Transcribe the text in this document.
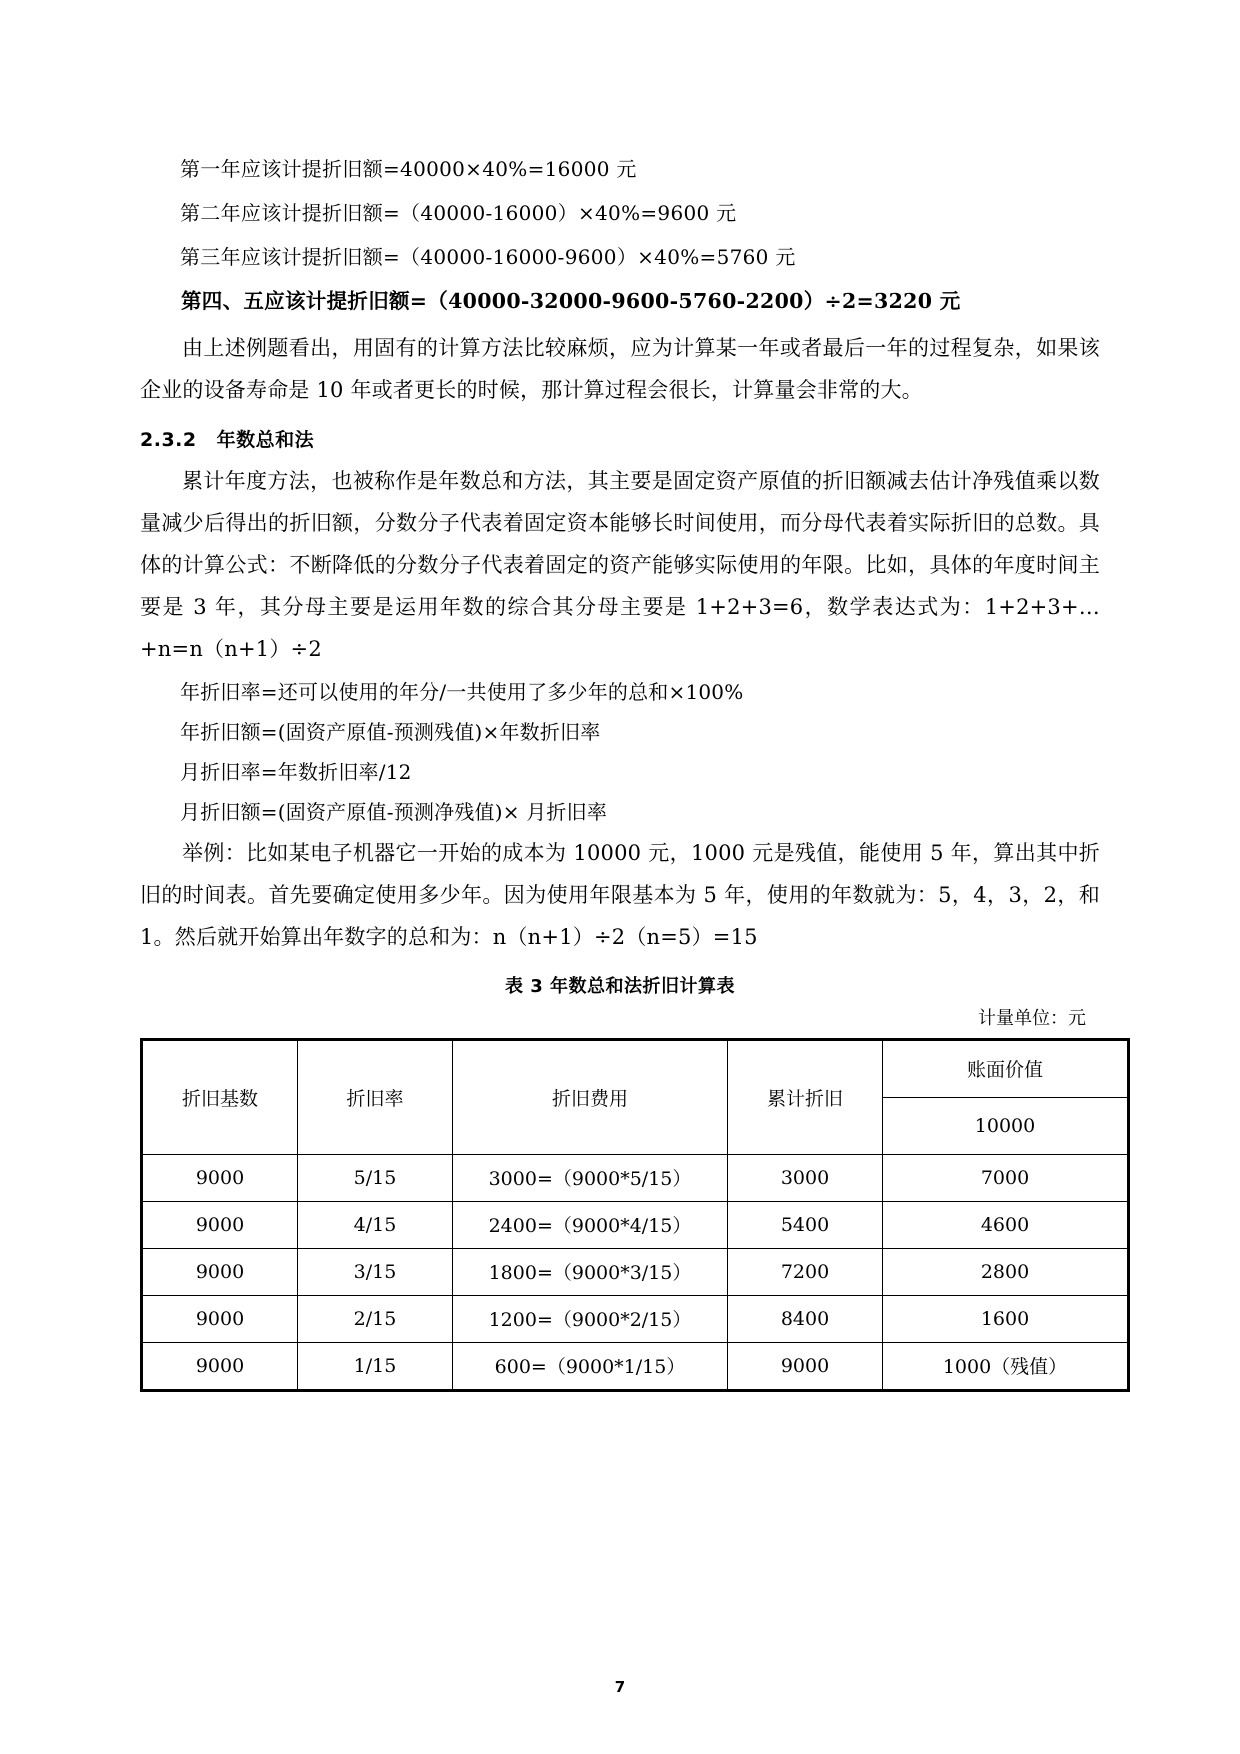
第一年应该计提折旧额=40000×40%=16000 元

第二年应该计提折旧额=（40000-16000）×40%=9600 元

第三年应该计提折旧额=（40000-16000-9600）×40%=5760 元

第四、五应该计提折旧额=（40000-32000-9600-5760-2200）÷2=3220 元

由上述例题看出，用固有的计算方法比较麻烦，应为计算某一年或者最后一年的过程复杂，如果该企业的设备寿命是 10 年或者更长的时候，那计算过程会很长，计算量会非常的大。

2.3.2 年数总和法

累计年度方法，也被称作是年数总和方法，其主要是固定资产原值的折旧额减去估计净残值乘以数量减少后得出的折旧额，分数分子代表着固定资本能够长时间使用，而分母代表着实际折旧的总数。具体的计算公式：不断降低的分数分子代表着固定的资产能够实际使用的年限。比如，具体的年度时间主要是 3 年，其分母主要是运用年数的综合其分母主要是 1+2+3=6，数学表达式为：1+2+3+…+n=n（n+1）÷2

年折旧率=还可以使用的年分/一共使用了多少年的总和×100%

年折旧额=(固资产原值-预测残值)×年数折旧率

月折旧率=年数折旧率/12

月折旧额=(固资产原值-预测净残值)× 月折旧率

举例：比如某电子机器它一开始的成本为 10000 元，1000 元是残值，能使用 5 年，算出其中折旧的时间表。首先要确定使用多少年。因为使用年限基本为 5 年，使用的年数就为：5，4，3，2，和 1。然后就开始算出年数字的总和为：n（n+1）÷2（n=5）=15

表 3 年数总和法折旧计算表
计量单位：元
折旧基数	折旧率	折旧费用	累计折旧	账面价值
				10000
9000	5/15	3000=（9000*5/15）	3000	7000
9000	4/15	2400=（9000*4/15）	5400	4600
9000	3/15	1800=（9000*3/15）	7200	2800
9000	2/15	1200=（9000*2/15）	8400	1600
9000	1/15	600=（9000*1/15）	9000	1000（残值）
7
